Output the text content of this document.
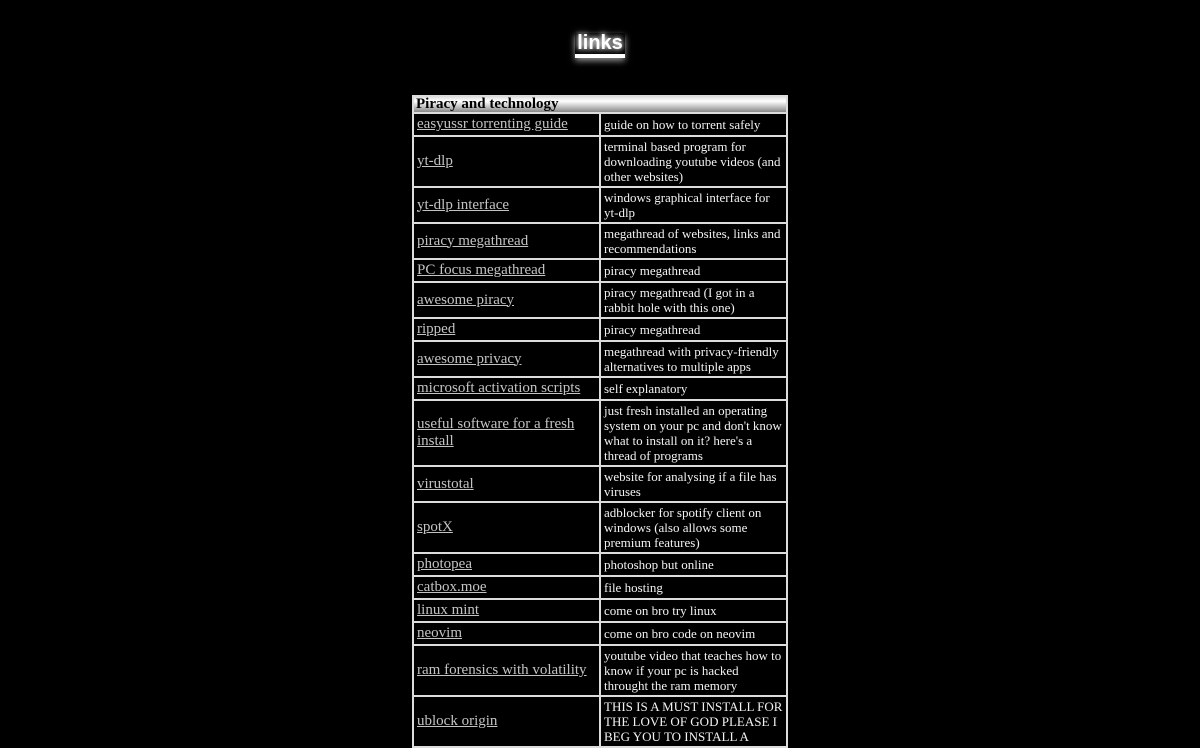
links
Piracy and technology	
easyussr torrenting guide	guide on how to torrent safely
yt-dlp	terminal based program for downloading youtube videos (and other websites)
yt-dlp interface	windows graphical interface for yt-dlp
piracy megathread	megathread of websites, links and recommendations
PC focus megathread	piracy megathread
awesome piracy	piracy megathread (I got in a rabbit hole with this one)
ripped	piracy megathread
awesome privacy	megathread with privacy-friendly alternatives to multiple apps
microsoft activation scripts	self explanatory
useful software for a fresh install	just fresh installed an operating system on your pc and don't know what to install on it? here's a thread of programs
virustotal	website for analysing if a file has viruses
spotX	adblocker for spotify client on windows (also allows some premium features)
photopea	photoshop but online
catbox.moe	file hosting
linux mint	come on bro try linux
neovim	come on bro code on neovim
ram forensics with volatility	youtube video that teaches how to know if your pc is hacked throught the ram memory
ublock origin	THIS IS A MUST INSTALL FOR THE LOVE OF GOD PLEASE I BEG YOU TO INSTALL A
